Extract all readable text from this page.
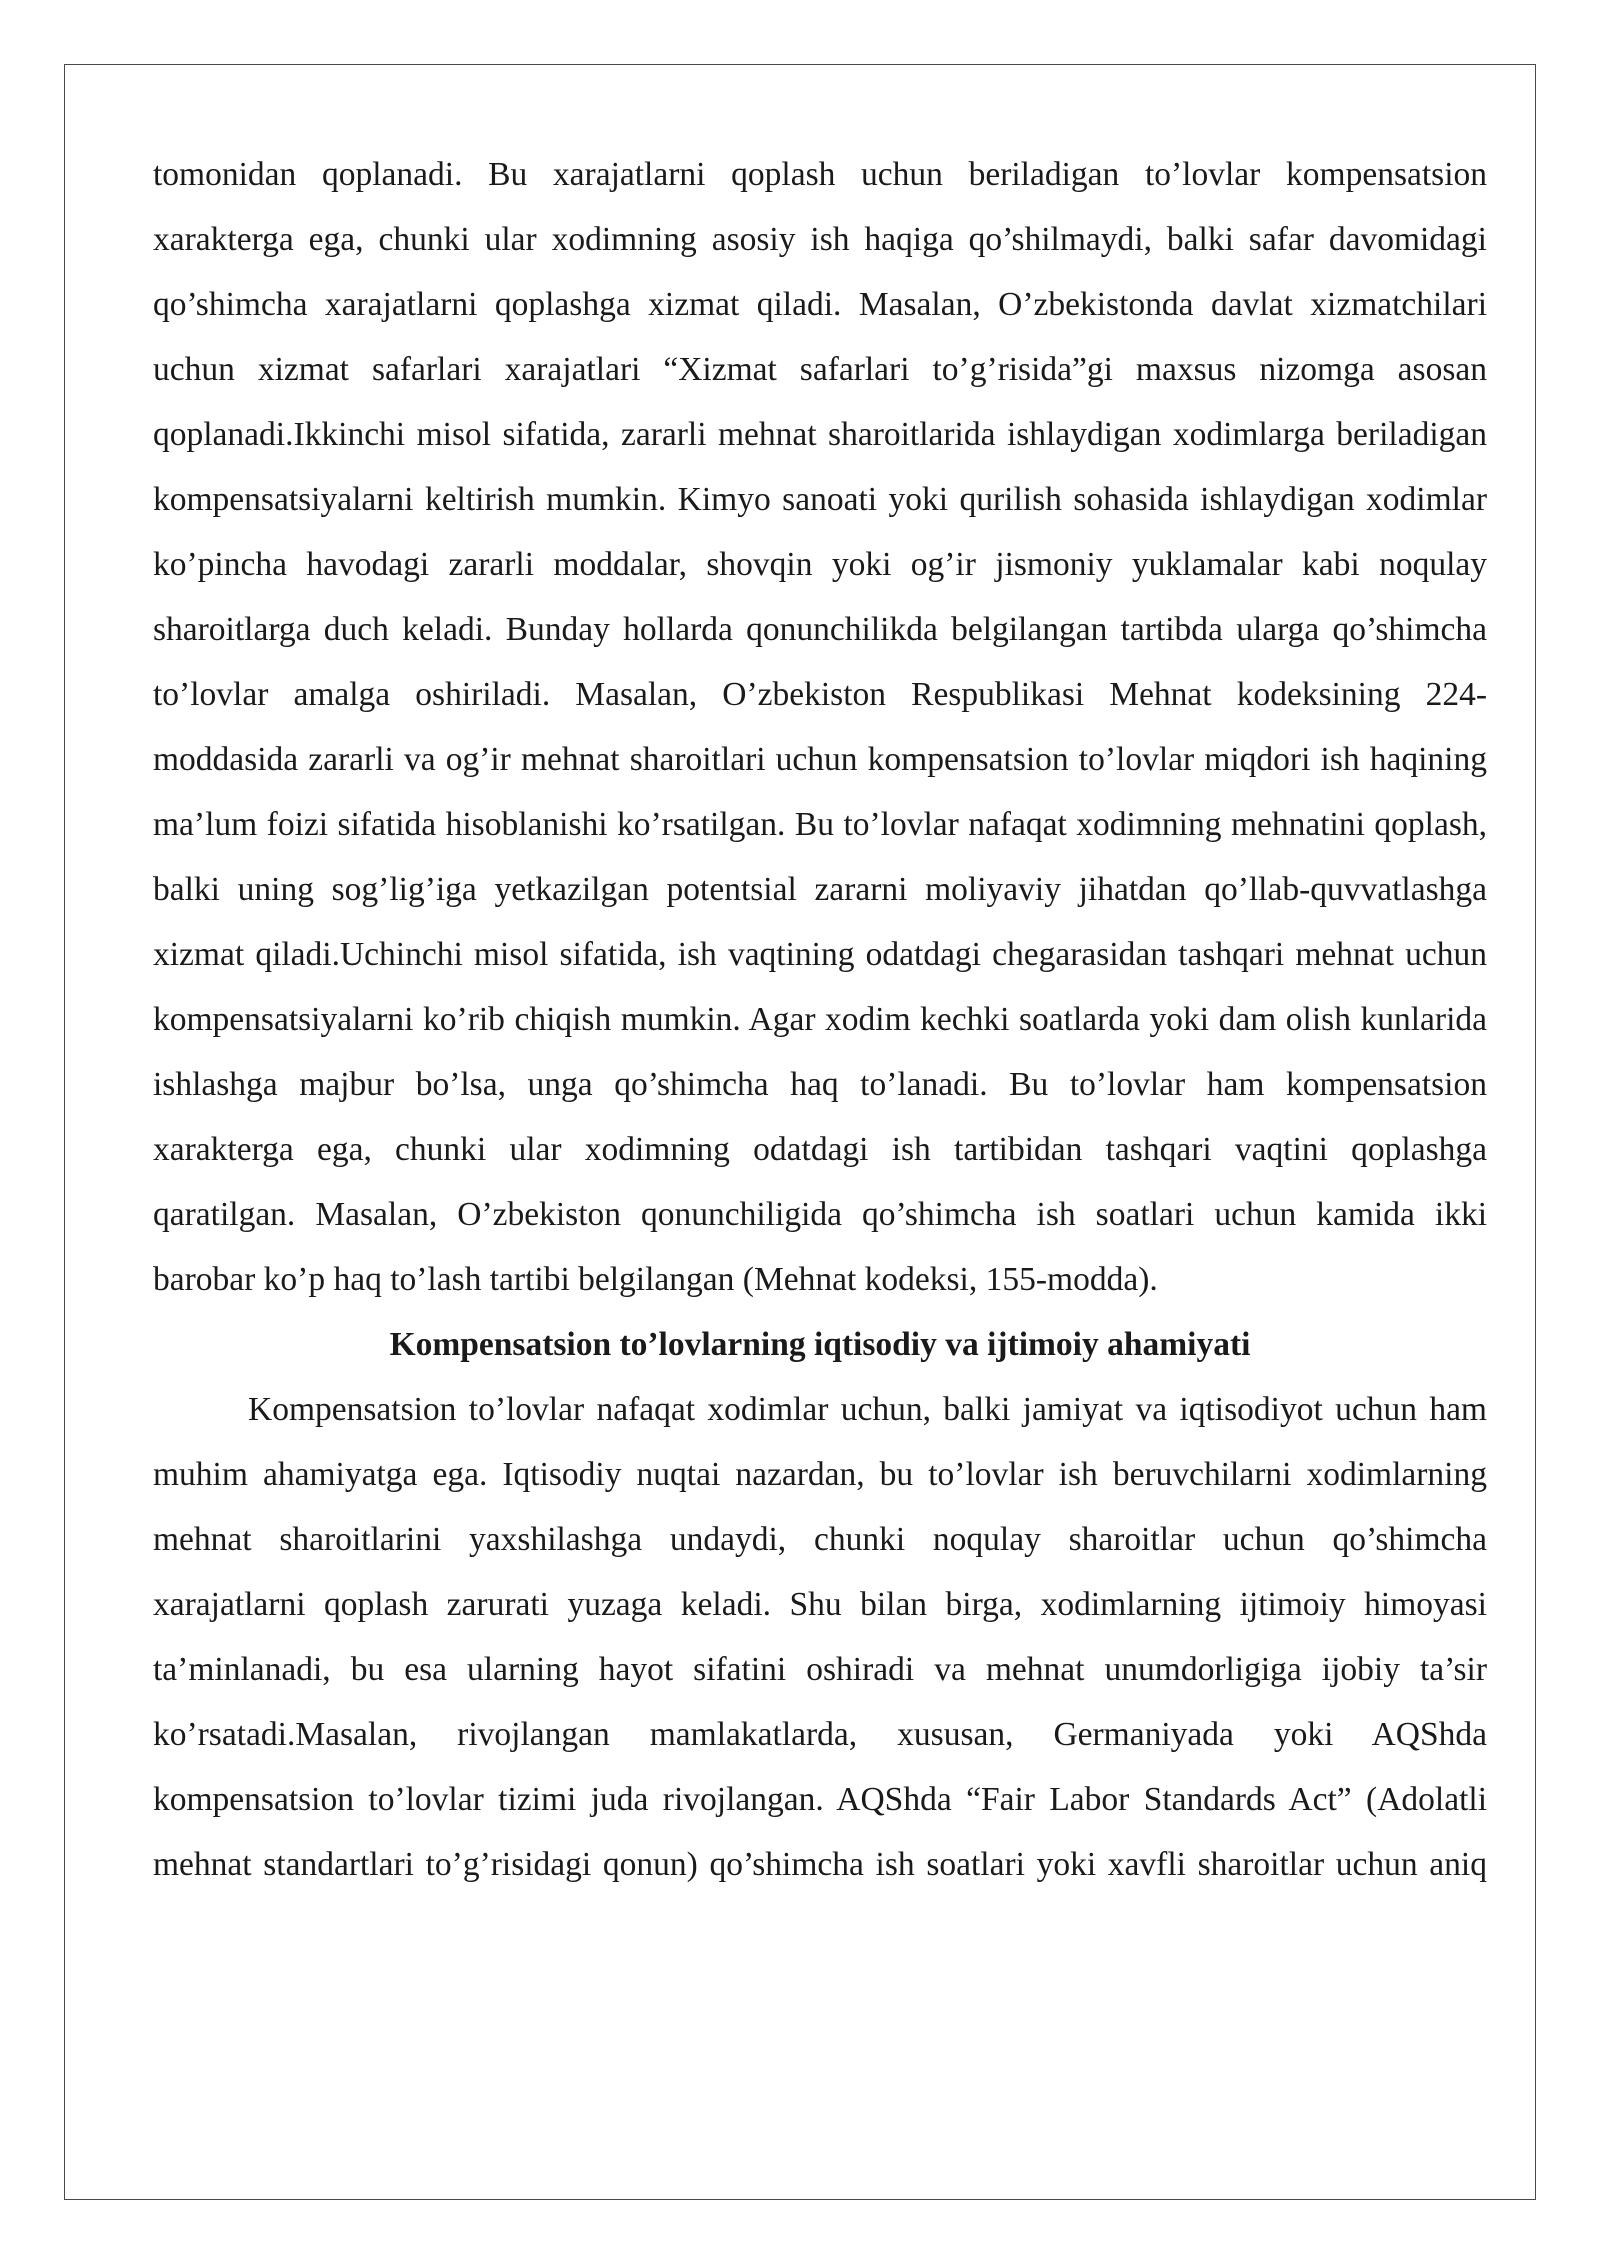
tomonidan qoplanadi. Bu xarajatlarni qoplash uchun beriladigan to’lovlar kompensatsion xarakterga ega, chunki ular xodimning asosiy ish haqiga qo’shilmaydi, balki safar davomidagi qo’shimcha xarajatlarni qoplashga xizmat qiladi. Masalan, O’zbekistonda davlat xizmatchilari uchun xizmat safarlari xarajatlari “Xizmat safarlari to’g’risida”gi maxsus nizomga asosan qoplanadi.Ikkinchi misol sifatida, zararli mehnat sharoitlarida ishlaydigan xodimlarga beriladigan kompensatsiyalarni keltirish mumkin. Kimyo sanoati yoki qurilish sohasida ishlaydigan xodimlar ko’pincha havodagi zararli moddalar, shovqin yoki og’ir jismoniy yuklamalar kabi noqulay sharoitlarga duch keladi. Bunday hollarda qonunchilikda belgilangan tartibda ularga qo’shimcha to’lovlar amalga oshiriladi. Masalan, O’zbekiston Respublikasi Mehnat kodeksining 224-moddasida zararli va og’ir mehnat sharoitlari uchun kompensatsion to’lovlar miqdori ish haqining ma’lum foizi sifatida hisoblanishi ko’rsatilgan. Bu to’lovlar nafaqat xodimning mehnatini qoplash, balki uning sog’lig’iga yetkazilgan potentsial zararni moliyaviy jihatdan qo’llab-quvvatlashga xizmat qiladi.Uchinchi misol sifatida, ish vaqtining odatdagi chegarasidan tashqari mehnat uchun kompensatsiyalarni ko’rib chiqish mumkin. Agar xodim kechki soatlarda yoki dam olish kunlarida ishlashga majbur bo’lsa, unga qo’shimcha haq to’lanadi. Bu to’lovlar ham kompensatsion xarakterga ega, chunki ular xodimning odatdagi ish tartibidan tashqari vaqtini qoplashga qaratilgan. Masalan, O’zbekiston qonunchiligida qo’shimcha ish soatlari uchun kamida ikki barobar ko’p haq to’lash tartibi belgilangan (Mehnat kodeksi, 155-modda).

Kompensatsion to’lovlarning iqtisodiy va ijtimoiy ahamiyati

Kompensatsion to’lovlar nafaqat xodimlar uchun, balki jamiyat va iqtisodiyot uchun ham muhim ahamiyatga ega. Iqtisodiy nuqtai nazardan, bu to’lovlar ish beruvchilarni xodimlarning mehnat sharoitlarini yaxshilashga undaydi, chunki noqulay sharoitlar uchun qo’shimcha xarajatlarni qoplash zarurati yuzaga keladi. Shu bilan birga, xodimlarning ijtimoiy himoyasi ta’minlanadi, bu esa ularning hayot sifatini oshiradi va mehnat unumdorligiga ijobiy ta’sir ko’rsatadi.Masalan, rivojlangan mamlakatlarda, xususan, Germaniyada yoki AQShda kompensatsion to’lovlar tizimi juda rivojlangan. AQShda “Fair Labor Standards Act” (Adolatli mehnat standartlari to’g’risidagi qonun) qo’shimcha ish soatlari yoki xavfli sharoitlar uchun aniq
